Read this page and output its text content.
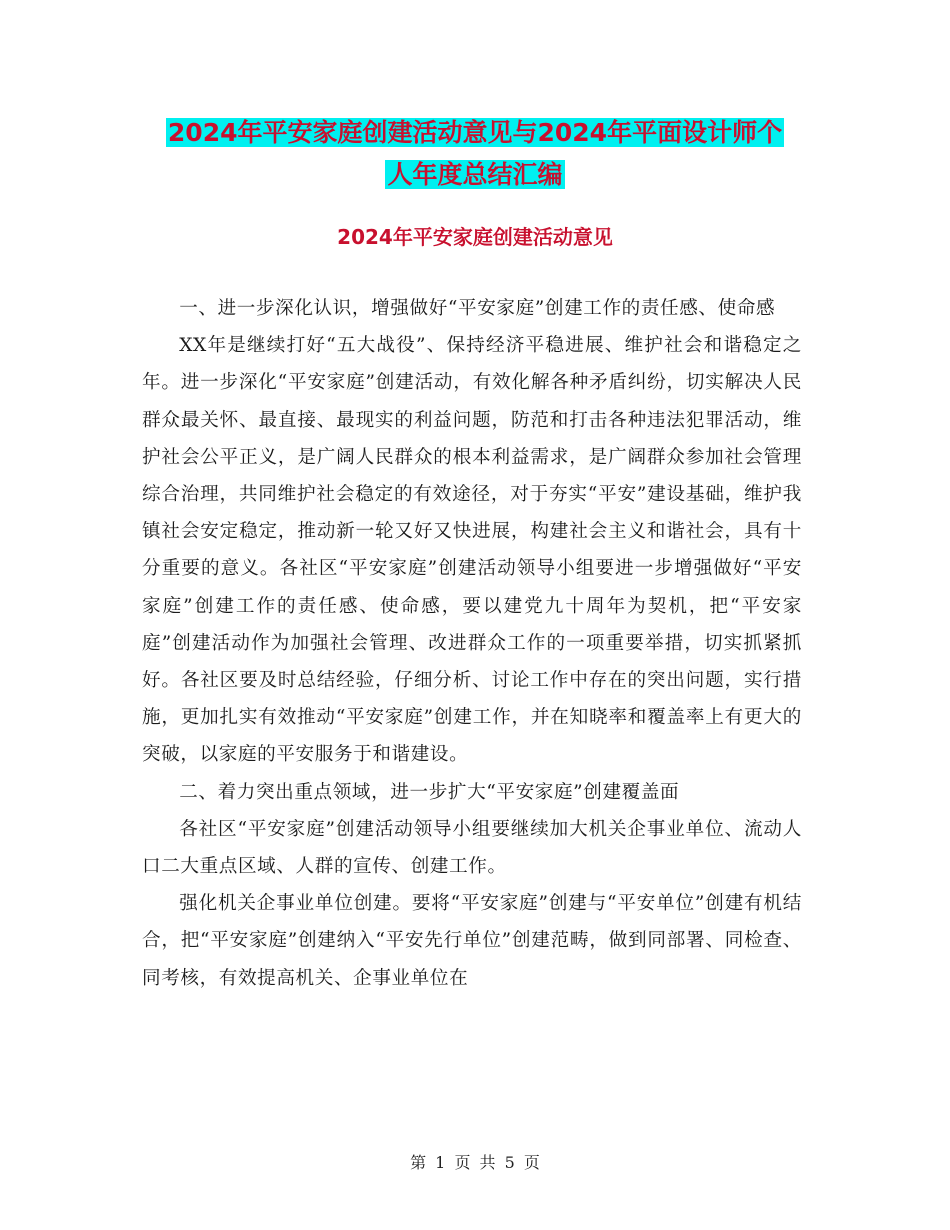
2024年平安家庭创建活动意见与2024年平面设计师个
人年度总结汇编
2024年平安家庭创建活动意见

一、进一步深化认识，增强做好“平安家庭”创建工作的责任感、使命感

XX年是继续打好“五大战役”、保持经济平稳进展、维护社会和谐稳定之年。进一步深化“平安家庭”创建活动，有效化解各种矛盾纠纷，切实解决人民群众最关怀、最直接、最现实的利益问题，防范和打击各种违法犯罪活动，维护社会公平正义，是广阔人民群众的根本利益需求，是广阔群众参加社会管理综合治理，共同维护社会稳定的有效途径，对于夯实“平安”建设基础，维护我镇社会安定稳定，推动新一轮又好又快进展，构建社会主义和谐社会，具有十分重要的意义。各社区“平安家庭”创建活动领导小组要进一步增强做好“平安家庭”创建工作的责任感、使命感，要以建党九十周年为契机，把“平安家庭”创建活动作为加强社会管理、改进群众工作的一项重要举措，切实抓紧抓好。各社区要及时总结经验，仔细分析、讨论工作中存在的突出问题，实行措施，更加扎实有效推动“平安家庭”创建工作，并在知晓率和覆盖率上有更大的突破，以家庭的平安服务于和谐建设。

二、着力突出重点领域，进一步扩大“平安家庭”创建覆盖面

各社区“平安家庭”创建活动领导小组要继续加大机关企事业单位、流动人口二大重点区域、人群的宣传、创建工作。

强化机关企事业单位创建。要将“平安家庭”创建与“平安单位”创建有机结合，把“平安家庭”创建纳入“平安先行单位”创建范畴，做到同部署、同检查、同考核，有效提高机关、企事业单位在

第 1 页 共 5 页
